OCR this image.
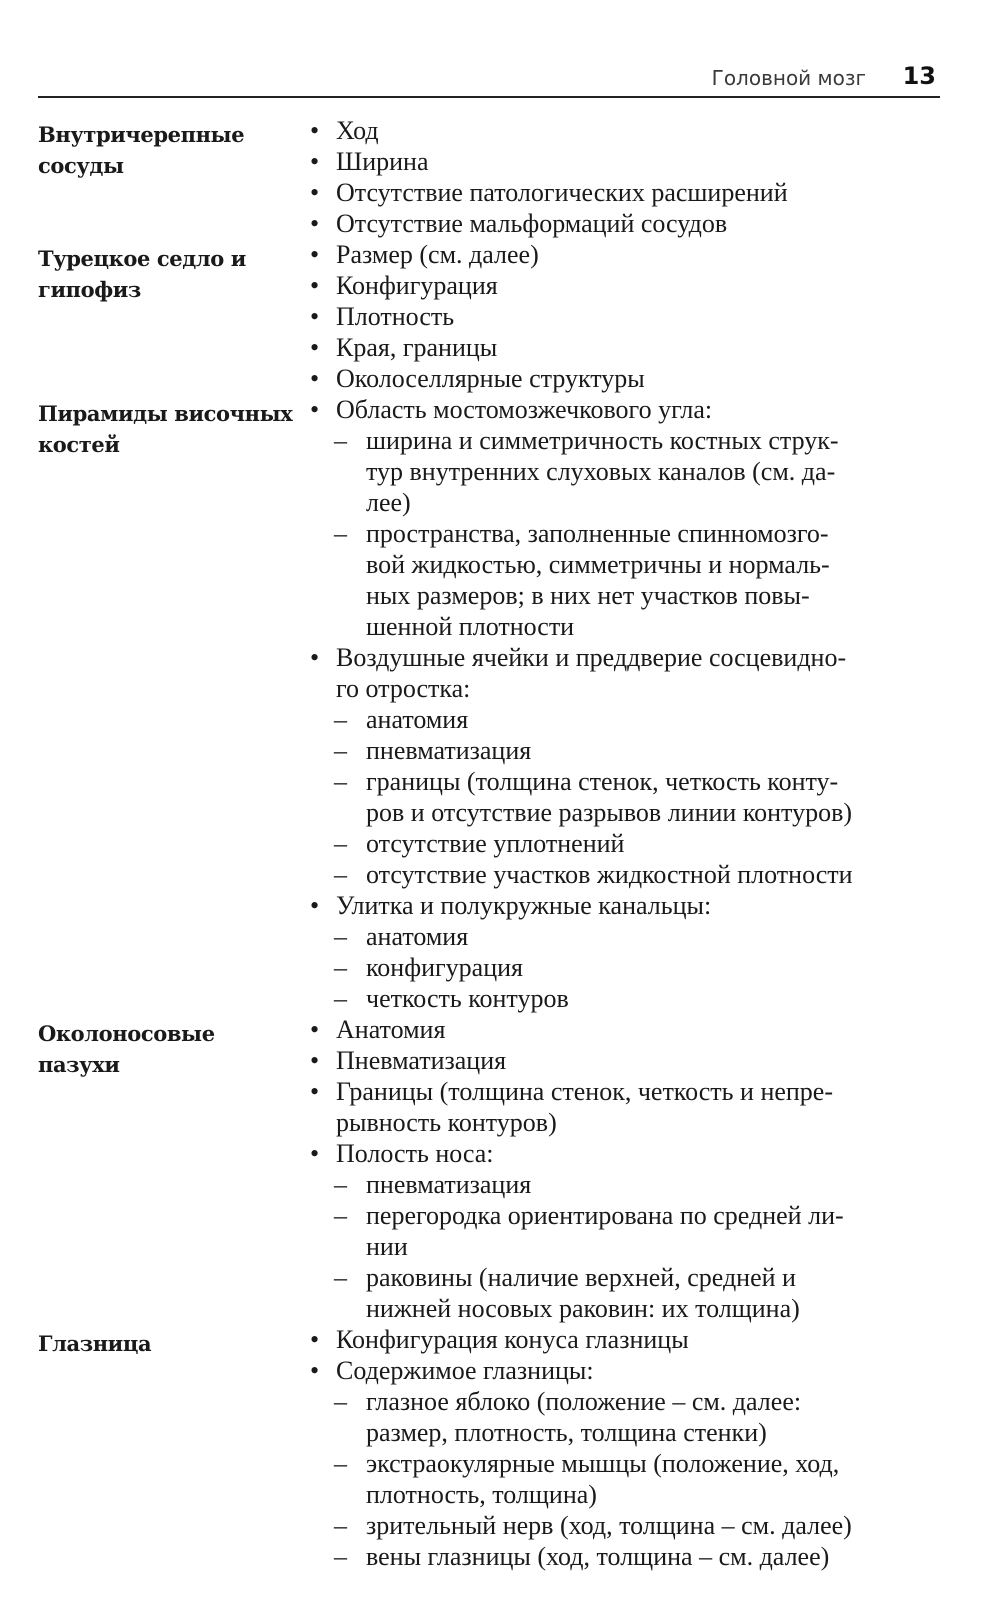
Головной мозг 13
Внутричерепные сосуды
• Ход
• Ширина
• Отсутствие патологических расширений
• Отсутствие мальформаций сосудов
Турецкое седло и гипофиз
• Размер (см. далее)
• Конфигурация
• Плотность
• Края, границы
• Околоселлярные структуры
Пирамиды височных костей
• Область мостомозжечкового угла:
– ширина и симметричность костных струк-
тур внутренних слуховых каналов (см. да-
лее)
– пространства, заполненные спинномозго-
вой жидкостью, симметричны и нормаль-
ных размеров; в них нет участков повы-
шенной плотности
• Воздушные ячейки и преддверие сосцевидно-
го отростка:
– анатомия
– пневматизация
– границы (толщина стенок, четкость конту-
ров и отсутствие разрывов линии контуров)
– отсутствие уплотнений
– отсутствие участков жидкостной плотности
• Улитка и полукружные канальцы:
– анатомия
– конфигурация
– четкость контуров
Околоносовые пазухи
• Анатомия
• Пневматизация
• Границы (толщина стенок, четкость и непре-
рывность контуров)
• Полость носа:
– пневматизация
– перегородка ориентирована по средней ли-
нии
– раковины (наличие верхней, средней и
нижней носовых раковин: их толщина)
Глазница	• Конфигурация конуса глазницы
• Содержимое глазницы:
– глазное яблоко (положение – см. далее:
размер, плотность, толщина стенки)
– экстраокулярные мышцы (положение, ход,
плотность, толщина)
– зрительный нерв (ход, толщина – см. далее)
– вены глазницы (ход, толщина – см. далее)
